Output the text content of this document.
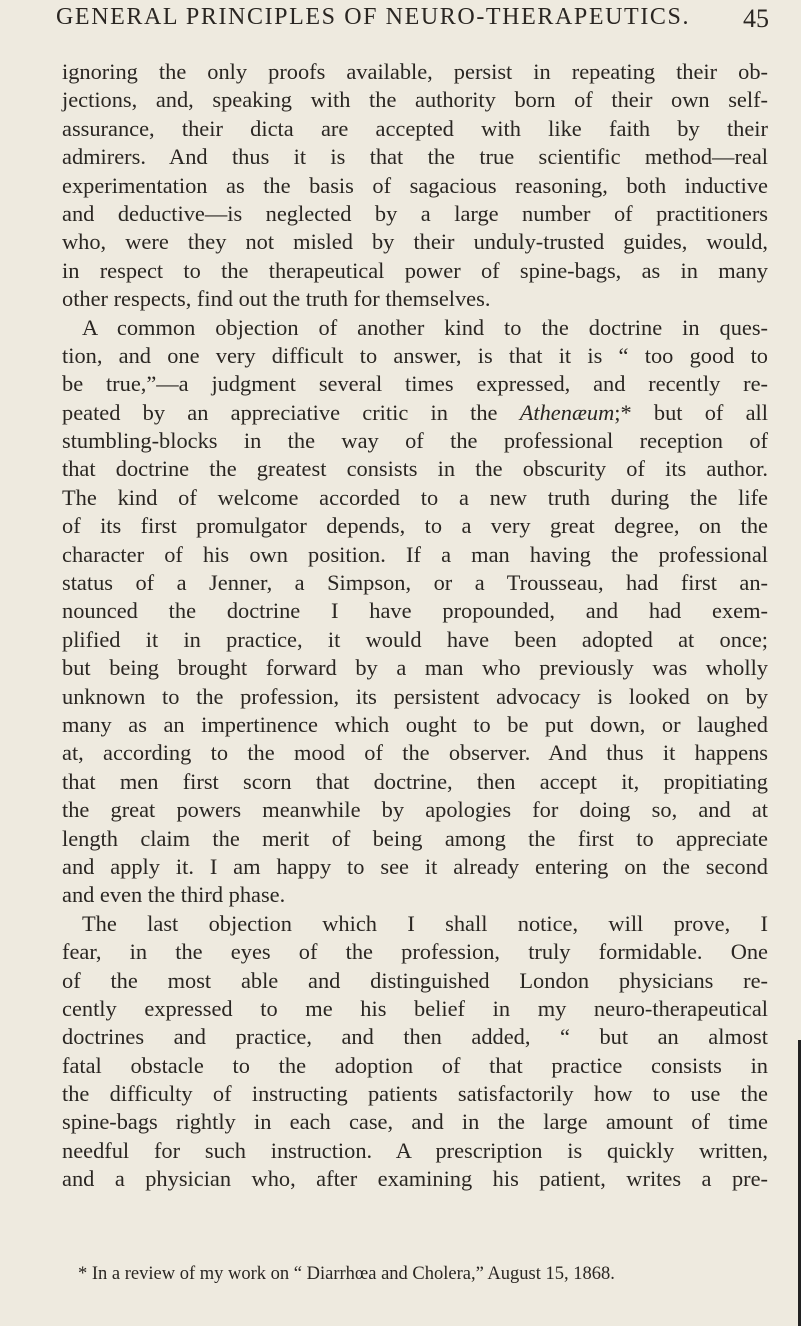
GENERAL PRINCIPLES OF NEURO-THERAPEUTICS. 45
ignoring the only proofs available, persist in repeating their ob-
jections, and, speaking with the authority born of their own self-
assurance, their dicta are accepted with like faith by their
admirers. And thus it is that the true scientific method—real
experimentation as the basis of sagacious reasoning, both inductive
and deductive—is neglected by a large number of practitioners
who, were they not misled by their unduly-trusted guides, would,
in respect to the therapeutical power of spine-bags, as in many
other respects, find out the truth for themselves.
A common objection of another kind to the doctrine in ques-
tion, and one very difficult to answer, is that it is “ too good to
be true,”—a judgment several times expressed, and recently re-
peated by an appreciative critic in the Athenæum;* but of all
stumbling-blocks in the way of the professional reception of
that doctrine the greatest consists in the obscurity of its author.
The kind of welcome accorded to a new truth during the life
of its first promulgator depends, to a very great degree, on the
character of his own position. If a man having the professional
status of a Jenner, a Simpson, or a Trousseau, had first an-
nounced the doctrine I have propounded, and had exem-
plified it in practice, it would have been adopted at once;
but being brought forward by a man who previously was wholly
unknown to the profession, its persistent advocacy is looked on by
many as an impertinence which ought to be put down, or laughed
at, according to the mood of the observer. And thus it happens
that men first scorn that doctrine, then accept it, propitiating
the great powers meanwhile by apologies for doing so, and at
length claim the merit of being among the first to appreciate
and apply it. I am happy to see it already entering on the second
and even the third phase.
The last objection which I shall notice, will prove, I
fear, in the eyes of the profession, truly formidable. One
of the most able and distinguished London physicians re-
cently expressed to me his belief in my neuro-therapeutical
doctrines and practice, and then added, “ but an almost
fatal obstacle to the adoption of that practice consists in
the difficulty of instructing patients satisfactorily how to use the
spine-bags rightly in each case, and in the large amount of time
needful for such instruction. A prescription is quickly written,
and a physician who, after examining his patient, writes a pre-
* In a review of my work on “ Diarrhœa and Cholera,” August 15, 1868.
